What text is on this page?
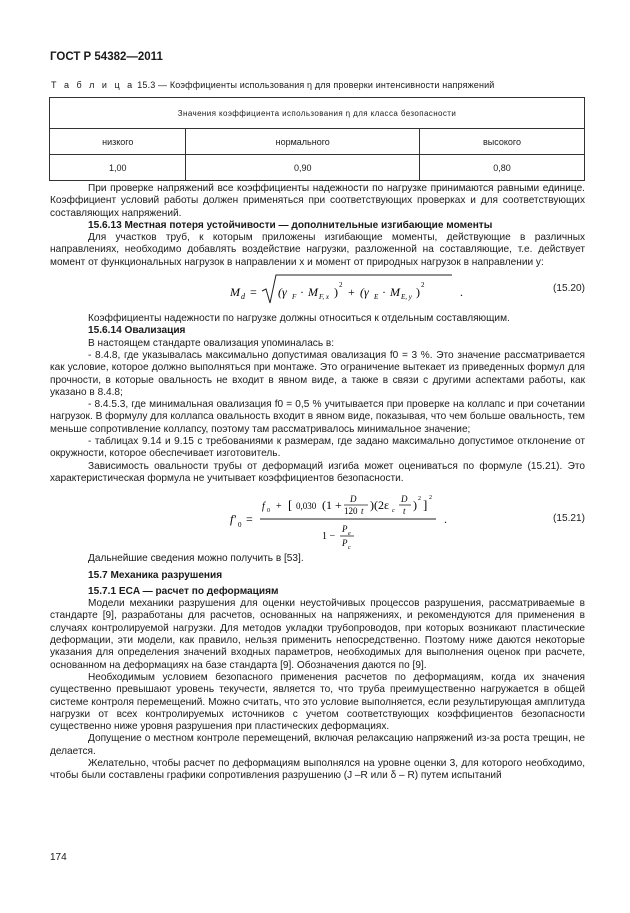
ГОСТ Р 54382—2011
Т а б л и ц а 15.3 — Коэффициенты использования η для проверки интенсивности напряжений
Значения коэффициента использования η для класса безопасности		
низкого	нормального	высокого
1,00	0,90	0,80

При проверке напряжений все коэффициенты надежности по нагрузке принимаются равными единице. Коэффициент условий работы должен применяться при соответствующих проверках и для соответствующих составляющих напряжений.

15.6.13 Местная потеря устойчивости — дополнительные изгибающие моменты

Для участков труб, к которым приложены изгибающие моменты, действующие в различных направлениях, необходимо добавлять воздействие нагрузки, разложенной на составляющие, т.е. действует момент от функциональных нагрузок в направлении x и момент от природных нагрузок в направлении y:

M d = (γ F · M F, x ) 2 + (γ E · M E, y ) 2	.	(15.20)

Коэффициенты надежности по нагрузке должны относиться к отдельным составляющим.

15.6.14 Овализация

В настоящем стандарте овализация упоминалась в:

- 8.4.8, где указывалась максимально допустимая овализация f0 = 3 %. Это значение рассматривается как условие, которое должно выполняться при монтаже. Это ограничение вытекает из приведенных формул для прочности, в которые овальность не входит в явном виде, а также в связи с другими аспектами работы, как указано в 8.4.8;

- 8.4.5.3, где минимальная овализация f0 = 0,5 % учитывается при проверке на коллапс и при сочетании нагрузок. В формулу для коллапса овальность входит в явном виде, показывая, что чем больше овальность, тем меньше сопротивление коллапсу, поэтому там рассматривалось минимальное значение;

- таблицах 9.14 и 9.15 с требованиями к размерам, где задано максимально допустимое отклонение от окружности, которое обеспечивает изготовитель.

Зависимость овальности трубы от деформаций изгиба может оцениваться по формуле (15.21). Это характеристическая формула не учитывает коэффициентов безопасности.

f' 0 =
f 0 + [ 0,030 (1 + D
120 t )(2ε c
D
t ) 2 ] 2
1 −
P e
P c
.	(15.21)

Дальнейшие сведения можно получить в [53].

15.7 Механика разрушения

15.7.1 ECA — расчет по деформациям

Модели механики разрушения для оценки неустойчивых процессов разрушения, рассматриваемые в стандарте [9], разработаны для расчетов, основанных на напряжениях, и рекомендуются для применения в случаях контролируемой нагрузки. Для методов укладки трубопроводов, при которых возникают пластические деформации, эти модели, как правило, нельзя применить непосредственно. Поэтому ниже даются некоторые указания для определения значений входных параметров, необходимых для выполнения оценок при расчете, основанном на деформациях на базе стандарта [9]. Обозначения даются по [9].

Необходимым условием безопасного применения расчетов по деформациям, когда их значения существенно превышают уровень текучести, является то, что труба преимущественно нагружается в общей системе контроля перемещений. Можно считать, что это условие выполняется, если результирующая амплитуда нагрузки от всех контролируемых источников с учетом соответствующих коэффициентов безопасности существенно ниже уровня разрушения при пластических деформациях.

Допущение о местном контроле перемещений, включая релаксацию напряжений из-за роста трещин, не делается.

Желательно, чтобы расчет по деформациям выполнялся на уровне оценки 3, для которого необходимо, чтобы были составлены графики сопротивления разрушению (J –R или δ – R) путем испытаний

174
